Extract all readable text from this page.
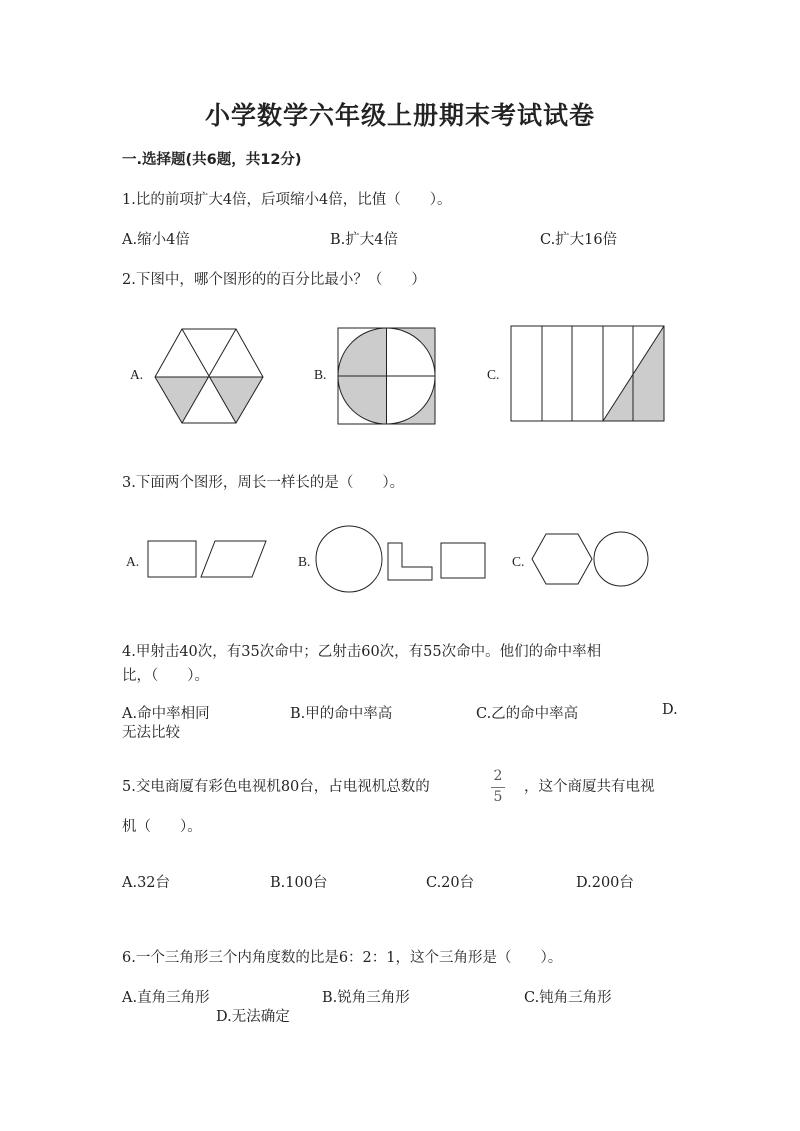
小学数学六年级上册期末考试试卷
一.选择题(共6题，共12分)
1.比的前项扩大4倍，后项缩小4倍，比值（　　）。
A.缩小4倍	B.扩大4倍	C.扩大16倍
2.下图中，哪个图形的的百分比最小？（　　）
A.	B.	C.
3.下面两个图形，周长一样长的是（　　）。
A.	B.	C.
4.甲射击40次，有35次命中；乙射击60次，有55次命中。他们的命中率相
比，（　　）。
A.命中率相同	B.甲的命中率高	C.乙的命中率高	D.
无法比较
5.交电商厦有彩色电视机80台，占电视机总数的
2
5
，这个商厦共有电视
机（　　）。
A.32台	B.100台	C.20台	D.200台
6.一个三角形三个内角度数的比是6：2：1，这个三角形是（　　）。
A.直角三角形	B.锐角三角形	C.钝角三角形
D.无法确定
